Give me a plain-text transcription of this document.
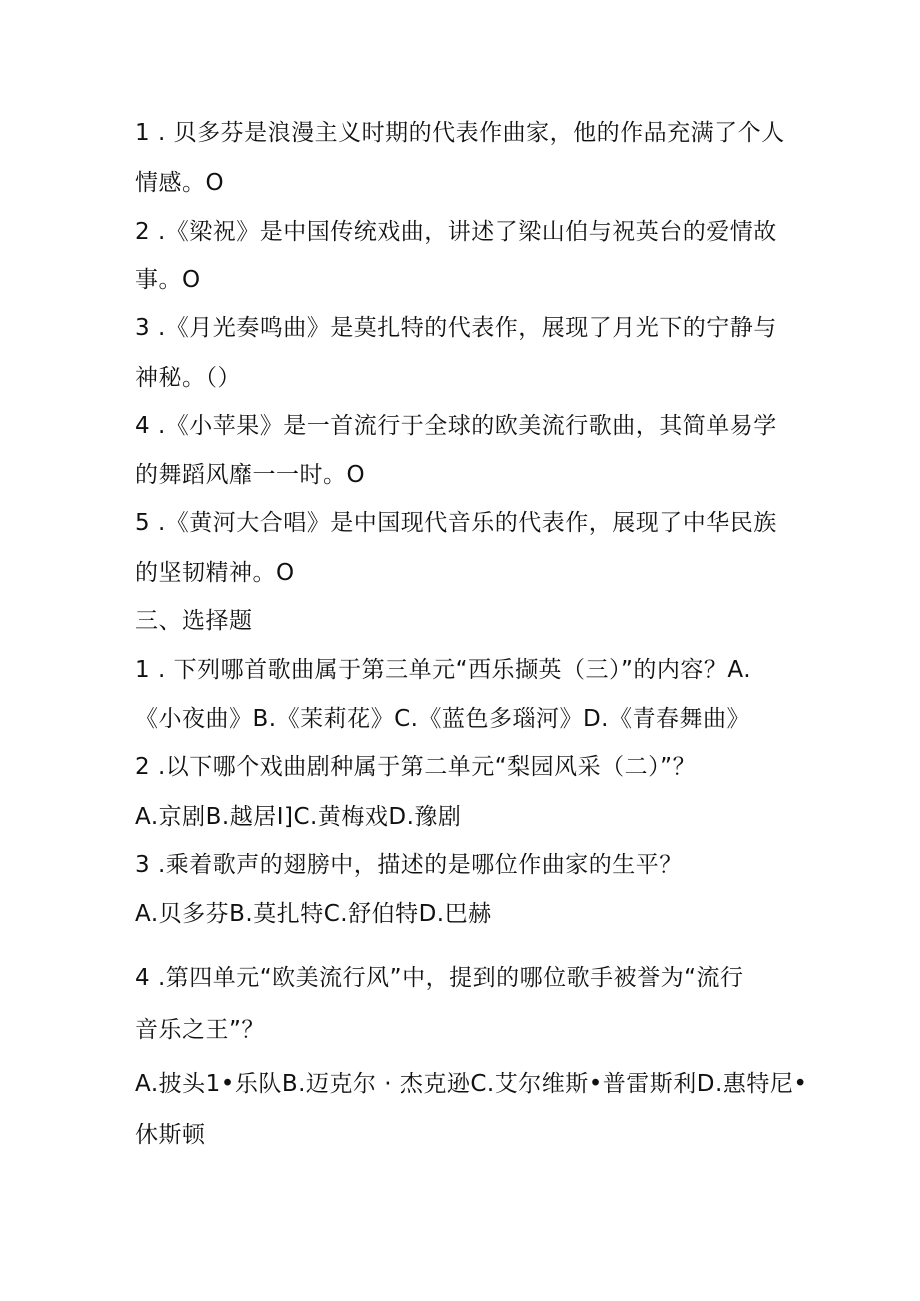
1 . 贝多芬是浪漫主义时期的代表作曲家，他的作品充满了个人
情感。O
2 .《梁祝》是中国传统戏曲，讲述了梁山伯与祝英台的爱情故
事。O
3 .《月光奏鸣曲》是莫扎特的代表作，展现了月光下的宁静与
神秘。（）
4 .《小苹果》是一首流行于全球的欧美流行歌曲，其简单易学
的舞蹈风靡一一时。O
5 .《黄河大合唱》是中国现代音乐的代表作，展现了中华民族
的坚韧精神。O
三、选择题
1 . 下列哪首歌曲属于第三单元“西乐撷英（三）”的内容？A.
《小夜曲》B.《茉莉花》C.《蓝色多瑙河》D.《青春舞曲》
2 .以下哪个戏曲剧种属于第二单元“梨园风采（二）”？
A.京剧B.越居I]C.黄梅戏D.豫剧
3 .乘着歌声的翅膀中，描述的是哪位作曲家的生平？
A.贝多芬B.莫扎特C.舒伯特D.巴赫
4 .第四单元“欧美流行风”中，提到的哪位歌手被誉为“流行
音乐之王”？
A.披头1•乐队B.迈克尔 · 杰克逊C.艾尔维斯•普雷斯利D.惠特尼•
休斯顿
